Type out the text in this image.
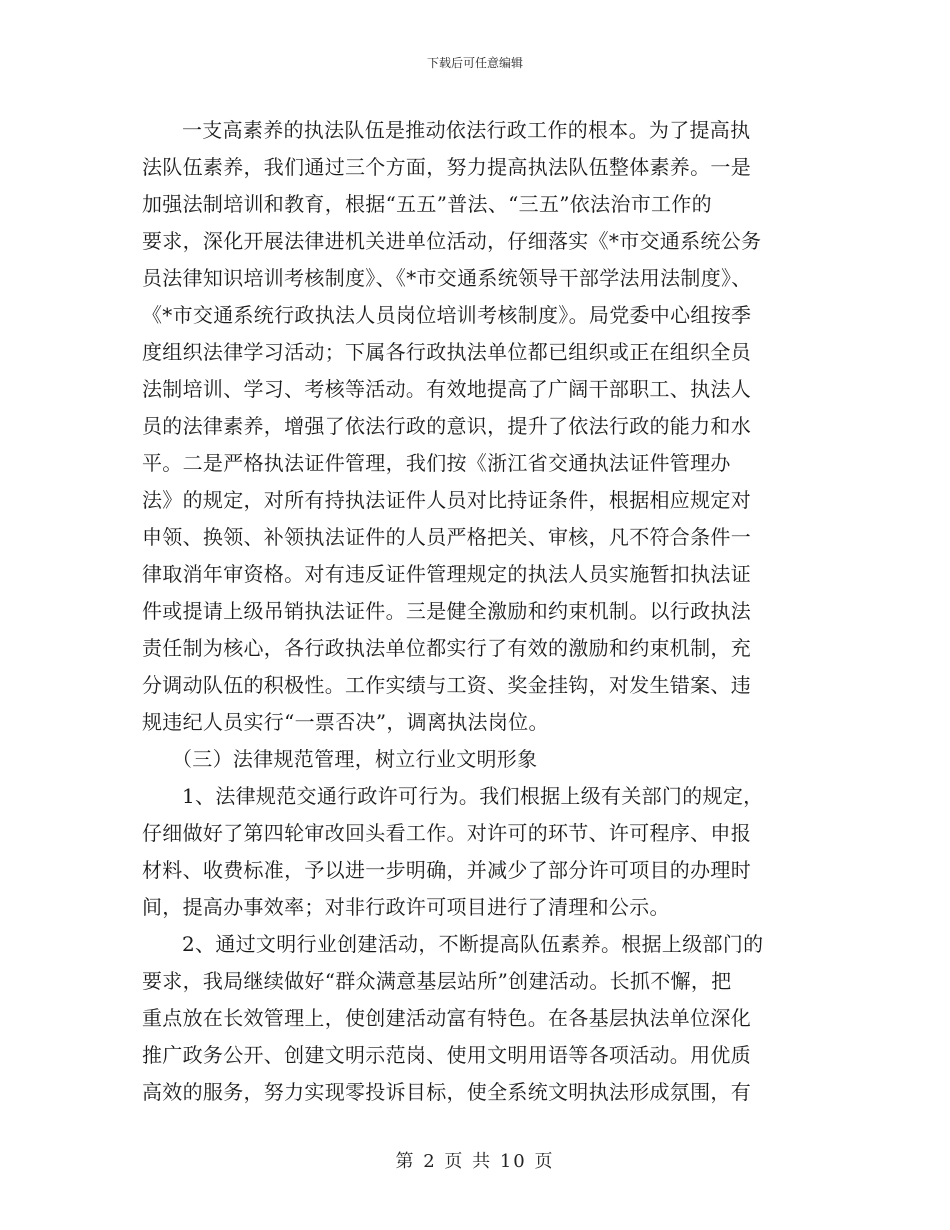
下载后可任意编辑
一支高素养的执法队伍是推动依法行政工作的根本。为了提高执
法队伍素养，我们通过三个方面，努力提高执法队伍整体素养。一是
加强法制培训和教育，根据“五五”普法、“三五”依法治市工作的
要求，深化开展法律进机关进单位活动，仔细落实《*市交通系统公务
员法律知识培训考核制度》、《*市交通系统领导干部学法用法制度》、
《*市交通系统行政执法人员岗位培训考核制度》。局党委中心组按季
度组织法律学习活动；下属各行政执法单位都已组织或正在组织全员
法制培训、学习、考核等活动。有效地提高了广阔干部职工、执法人
员的法律素养，增强了依法行政的意识，提升了依法行政的能力和水
平。二是严格执法证件管理，我们按《浙江省交通执法证件管理办
法》的规定，对所有持执法证件人员对比持证条件，根据相应规定对
申领、换领、补领执法证件的人员严格把关、审核，凡不符合条件一
律取消年审资格。对有违反证件管理规定的执法人员实施暂扣执法证
件或提请上级吊销执法证件。三是健全激励和约束机制。以行政执法
责任制为核心，各行政执法单位都实行了有效的激励和约束机制，充
分调动队伍的积极性。工作实绩与工资、奖金挂钩，对发生错案、违
规违纪人员实行“一票否决”，调离执法岗位。
（三）法律规范管理，树立行业文明形象
1、法律规范交通行政许可行为。我们根据上级有关部门的规定，
仔细做好了第四轮审改回头看工作。对许可的环节、许可程序、申报
材料、收费标准，予以进一步明确，并减少了部分许可项目的办理时
间，提高办事效率；对非行政许可项目进行了清理和公示。
2、通过文明行业创建活动，不断提高队伍素养。根据上级部门的
要求，我局继续做好“群众满意基层站所”创建活动。长抓不懈，把
重点放在长效管理上，使创建活动富有特色。在各基层执法单位深化
推广政务公开、创建文明示范岗、使用文明用语等各项活动。用优质
高效的服务，努力实现零投诉目标，使全系统文明执法形成氛围，有
第 2 页 共 10 页
